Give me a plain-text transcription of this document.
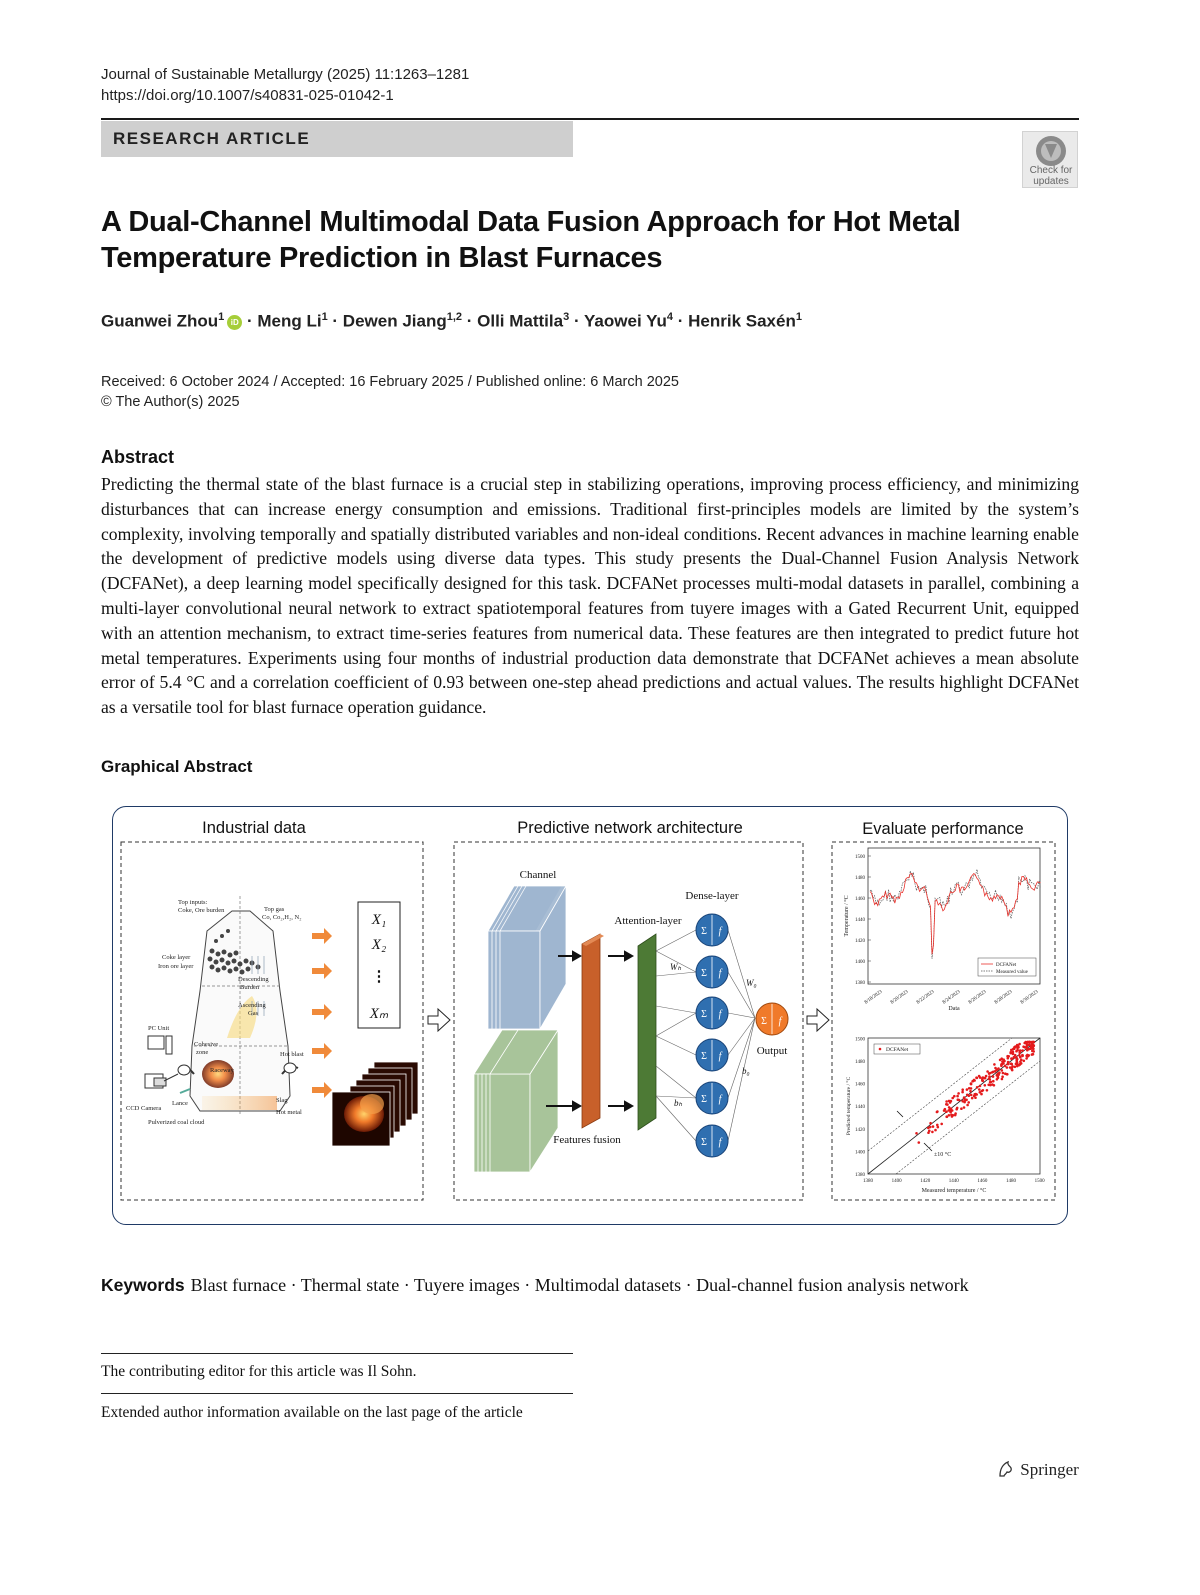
Journal of Sustainable Metallurgy (2025) 11:1263–1281
https://doi.org/10.1007/s40831-025-01042-1
RESEARCH ARTICLE
Check for
updates
A Dual-Channel Multimodal Data Fusion Approach for Hot Metal
Temperature Prediction in Blast Furnaces
Guanwei Zhou$^1$ iD · Meng $Li^1$ · Dewen Jiang$^{1,2}$ · Olli Mattila$^3$ · Yaowei $Yu^4$ · Henrik Saxén$^1$
Received: 6 October 2024 / Accepted: 16 February 2025 / Published online: 6 March 2025
© The Author(s) 2025
Abstract
Predicting the thermal state of the blast furnace is a crucial step in stabilizing operations, improving process efficiency, and minimizing disturbances that can increase energy consumption and emissions. Traditional first-principles models are limited by the system’s complexity, involving temporally and spatially distributed variables and non-ideal conditions. Recent advances in machine learning enable the development of predictive models using diverse data types. This study presents the Dual-Channel Fusion Analysis Network (DCFANet), a deep learning model specifically designed for this task. DCFANet processes multi-modal datasets in parallel, combining a multi-layer convolutional neural network to extract spatiotemporal features from tuyere images with a Gated Recurrent Unit, equipped with an attention mechanism, to extract time-series features from numerical data. These features are then integrated to predict future hot metal temperatures. Experiments using four months of industrial production data demonstrate that DCFANet achieves a mean absolute error of 5.4 °C and a correlation coefficient of 0.93 between one-step ahead predictions and actual values. The results highlight DCFANet as a versatile tool for blast furnace operation guidance.
Graphical Abstract
Industrial data	Predictive network architecture	Evaluate performance
Top inputs:
Coke, Ore burden	Top gas
Co, Co₂,H₂, N₂
Coke layer
Iron ore layer
Descending
Burden
Ascending
Gas
PC Unit
Cohesive
zone	Hot blast
Raceway
CCD Camera
Lance	Slag
Hot metal
Pulverized coal cloud
X₁
X₂
⋮
Xₘ
Channel
Attention-layer
Features fusion
Dense-layer
Σ f
Σ f
Σ f
Σ f
Σ f
Σ f
Σ f
Output
Wₕ
W₀
bₕ
b₀
1500
1480
1460
1440
1420
1400
1380
8/18/2023 8/20/2023 8/22/2023 8/24/2023 8/26/2023 8/28/2023 8/30/2023
Temperature / °C
Data
DCFANet
Measured value
1380
1400
1420
1440
1460
1480
1500
1380	1400	1420	1440	1460	1480	1500
Predicted temperature / °C
Measured temperature / °C
DCFANet
±10 °C
Keywords Blast furnace · Thermal state · Tuyere images · Multimodal datasets · Dual-channel fusion analysis network
The contributing editor for this article was Il Sohn.
Extended author information available on the last page of the article
Springer
